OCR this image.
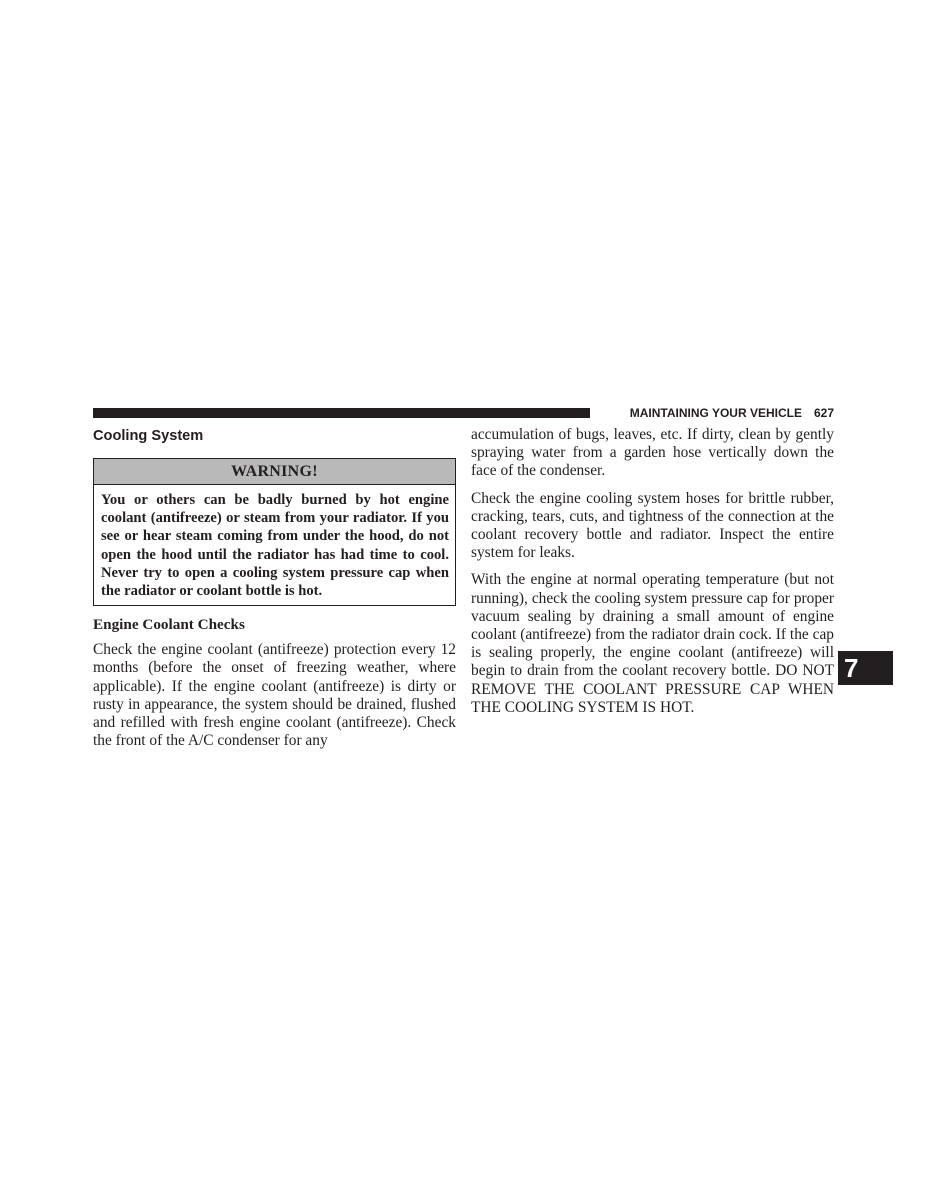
MAINTAINING YOUR VEHICLE 627
Cooling System
WARNING!
You or others can be badly burned by hot engine coolant (antifreeze) or steam from your radiator. If you see or hear steam coming from under the hood, do not open the hood until the radiator has had time to cool. Never try to open a cooling system pressure cap when the radiator or coolant bottle is hot.
Engine Coolant Checks

Check the engine coolant (antifreeze) protection every 12 months (before the onset of freezing weather, where applicable). If the engine coolant (antifreeze) is dirty or rusty in appearance, the system should be drained, flushed and refilled with fresh engine coolant (antifreeze). Check the front of the A/C condenser for any

accumulation of bugs, leaves, etc. If dirty, clean by gently spraying water from a garden hose vertically down the face of the condenser.

Check the engine cooling system hoses for brittle rubber, cracking, tears, cuts, and tightness of the connection at the coolant recovery bottle and radiator. Inspect the entire system for leaks.

With the engine at normal operating temperature (but not running), check the cooling system pressure cap for proper vacuum sealing by draining a small amount of engine coolant (antifreeze) from the radiator drain cock. If the cap is sealing properly, the engine coolant (antifreeze) will begin to drain from the coolant recovery bottle. DO NOT REMOVE THE COOLANT PRESSURE CAP WHEN THE COOLING SYSTEM IS HOT.

7
